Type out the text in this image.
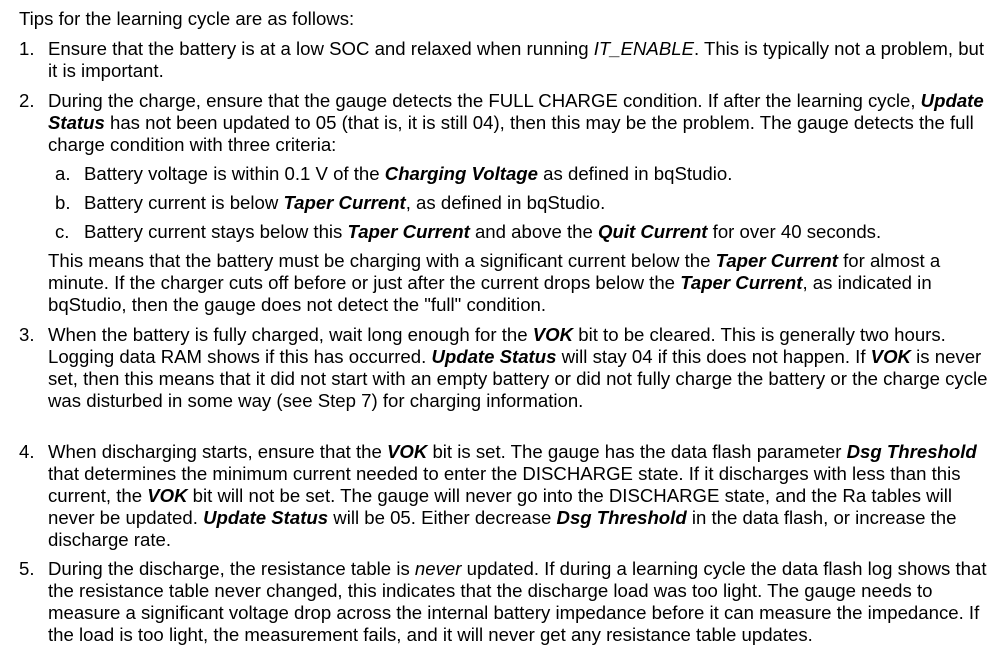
Tips for the learning cycle are as follows:
1. Ensure that the battery is at a low SOC and relaxed when running IT_ENABLE. This is typically not a problem, but it is important.
2. During the charge, ensure that the gauge detects the FULL CHARGE condition. If after the learning cycle, Update Status has not been updated to 05 (that is, it is still 04), then this may be the problem. The gauge detects the full charge condition with three criteria:
a. Battery voltage is within 0.1 V of the Charging Voltage as defined in bqStudio.
b. Battery current is below Taper Current, as defined in bqStudio.
c. Battery current stays below this Taper Current and above the Quit Current for over 40 seconds.
This means that the battery must be charging with a significant current below the Taper Current for almost a minute. If the charger cuts off before or just after the current drops below the Taper Current, as indicated in bqStudio, then the gauge does not detect the "full" condition.
3. When the battery is fully charged, wait long enough for the VOK bit to be cleared. This is generally two hours. Logging data RAM shows if this has occurred. Update Status will stay 04 if this does not happen. If VOK is never set, then this means that it did not start with an empty battery or did not fully charge the battery or the charge cycle was disturbed in some way (see Step 7) for charging information.
4. When discharging starts, ensure that the VOK bit is set. The gauge has the data flash parameter Dsg Threshold that determines the minimum current needed to enter the DISCHARGE state. If it discharges with less than this current, the VOK bit will not be set. The gauge will never go into the DISCHARGE state, and the Ra tables will never be updated. Update Status will be 05. Either decrease Dsg Threshold in the data flash, or increase the discharge rate.
5. During the discharge, the resistance table is never updated. If during a learning cycle the data flash log shows that the resistance table never changed, this indicates that the discharge load was too light. The gauge needs to measure a significant voltage drop across the internal battery impedance before it can measure the impedance. If the load is too light, the measurement fails, and it will never get any resistance table updates.
